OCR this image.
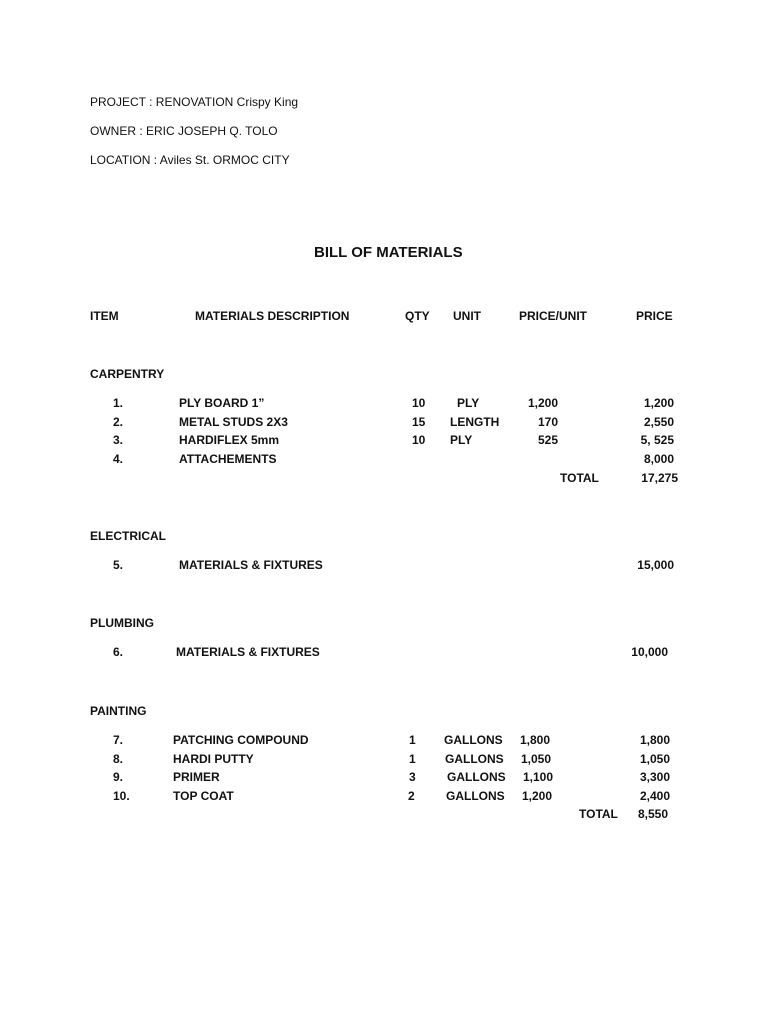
PROJECT : RENOVATION Crispy King
OWNER : ERIC JOSEPH Q. TOLO
LOCATION : Aviles St. ORMOC CITY
BILL OF MATERIALS
ITEM	MATERIALS DESCRIPTION	QTY UNIT	PRICE/UNIT	PRICE
CARPENTRY
1.	PLY BOARD 1”	10	PLY	1,200	1,200
2.	METAL STUDS 2X3	15 LENGTH	170	2,550
3.	HARDIFLEX 5mm	10 PLY	525	5, 525
4.	ATTACHEMENTS	8,000
TOTAL	17,275
ELECTRICAL
5.	MATERIALS & FIXTURES	15,000
PLUMBING
6.	MATERIALS & FIXTURES	10,000
PAINTING
7.	PATCHING COMPOUND	1 GALLONS 1,800	1,800
8.	HARDI PUTTY	1 GALLONS 1,050	1,050
9.	PRIMER	3	GALLONS 1,100	3,300
10.	TOP COAT	2	GALLONS 1,200	2,400
TOTAL	8,550
